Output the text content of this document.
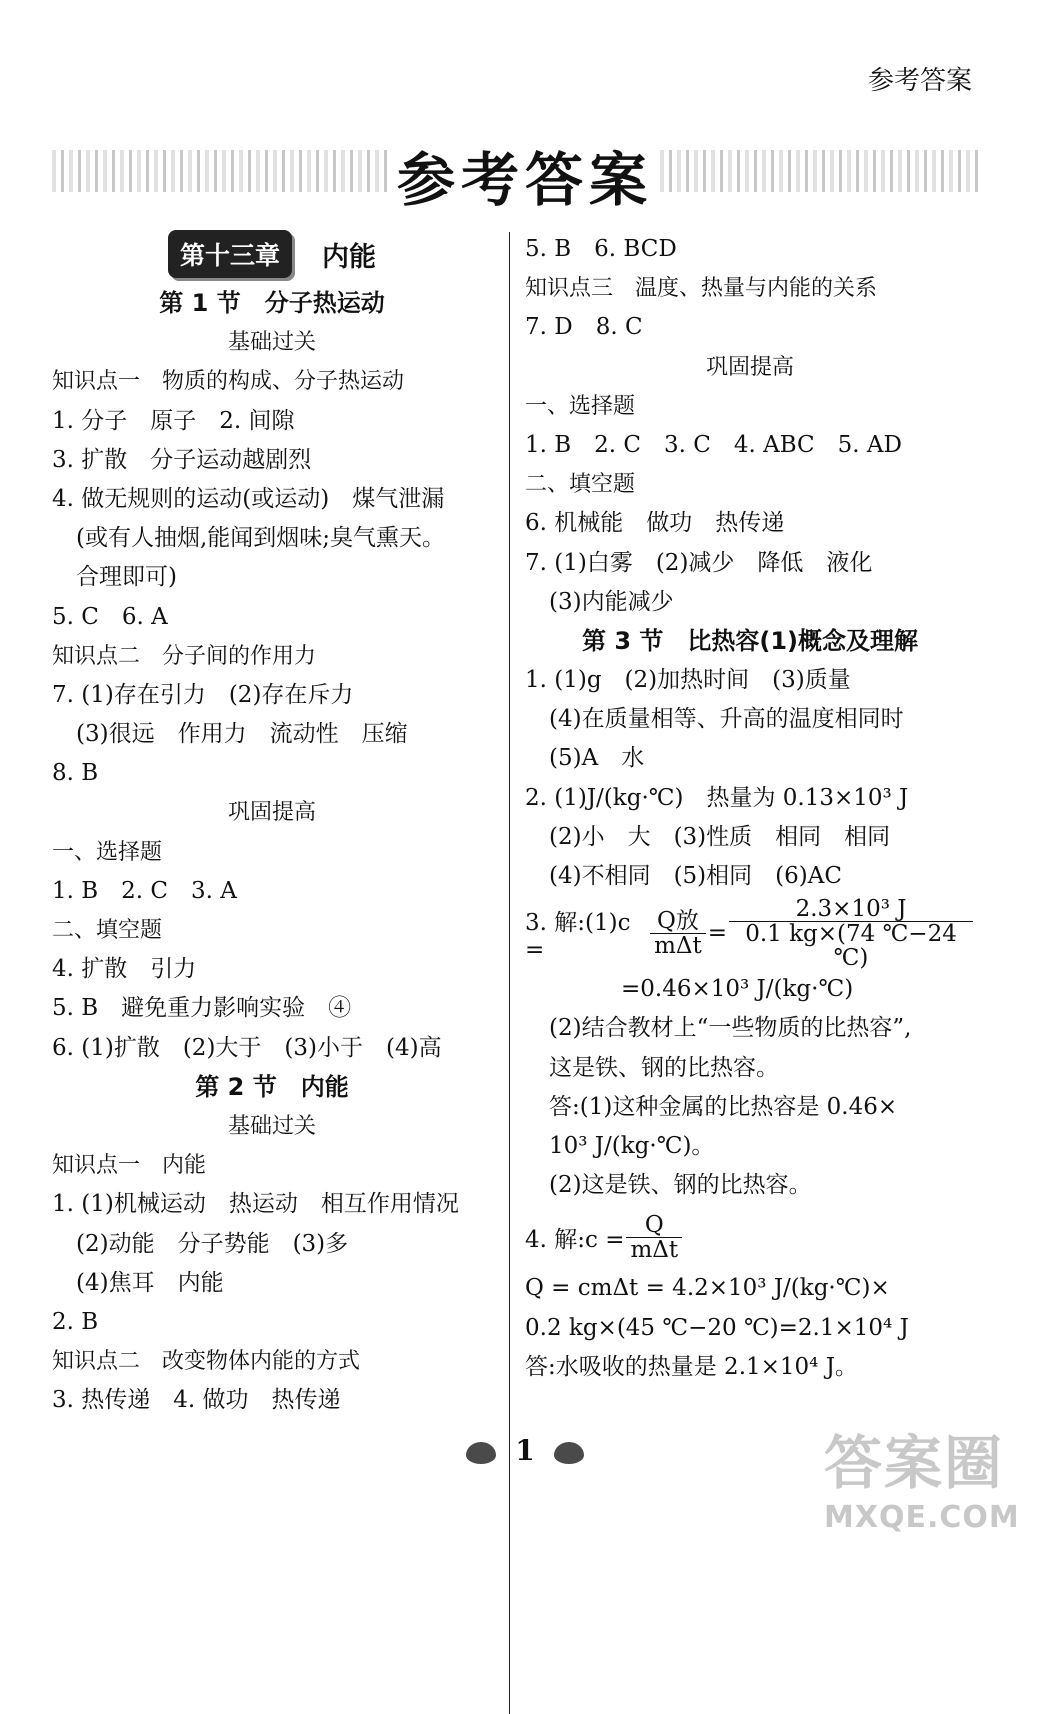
参考答案
参考答案
第十三章	内能
第 1 节　分子热运动
基础过关
知识点一　物质的构成、分子热运动
1. 分子　原子　2. 间隙
3. 扩散　分子运动越剧烈
4. 做无规则的运动(或运动)　煤气泄漏
(或有人抽烟,能闻到烟味;臭气熏天。
合理即可)
5. C　6. A
知识点二　分子间的作用力
7. (1)存在引力　(2)存在斥力
(3)很远　作用力　流动性　压缩
8. B
巩固提高
一、选择题
1. B　2. C　3. A
二、填空题
4. 扩散　引力
5. B　避免重力影响实验　④
6. (1)扩散　(2)大于　(3)小于　(4)高
第 2 节　内能
基础过关
知识点一　内能
1. (1)机械运动　热运动　相互作用情况
(2)动能　分子势能　(3)多
(4)焦耳　内能
2. B
知识点二　改变物体内能的方式
3. 热传递　4. 做功　热传递
5. B　6. BCD
知识点三　温度、热量与内能的关系
7. D　8. C
巩固提高
一、选择题
1. B　2. C　3. C　4. ABC　5. AD
二、填空题
6. 机械能　做功　热传递
7. (1)白雾　(2)减少　降低　液化
(3)内能减少
第 3 节　比热容(1)概念及理解
1. (1)g　(2)加热时间　(3)质量
(4)在质量相等、升高的温度相同时
(5)A　水
2. (1)J/(kg·℃)　热量为 0.13×10³ J
(2)小　大　(3)性质　相同　相同
(4)不相同　(5)相同　(6)AC
3. 解:(1)c =	$\frac{\text{Q放}}{\text{mΔt}} = \frac{\text{2.3×10³ J}}{0.1 kg\times(74 ℃-24 ℃)}$
=0.46×10³ J/(kg·℃)
(2)结合教材上“一些物质的比热容”,
这是铁、钢的比热容。
答:(1)这种金属的比热容是 0.46×
10³ J/(kg·℃)。
(2)这是铁、钢的比热容。
4. 解:c = $\frac{Q}{\text{mΔt}}$
Q = cmΔt = 4.2×10³ J/(kg·℃)×
0.2 kg×(45 ℃−20 ℃)=2.1×10⁴ J
答:水吸收的热量是 2.1×10⁴ J。
1	答案圈
MXQE.COM
